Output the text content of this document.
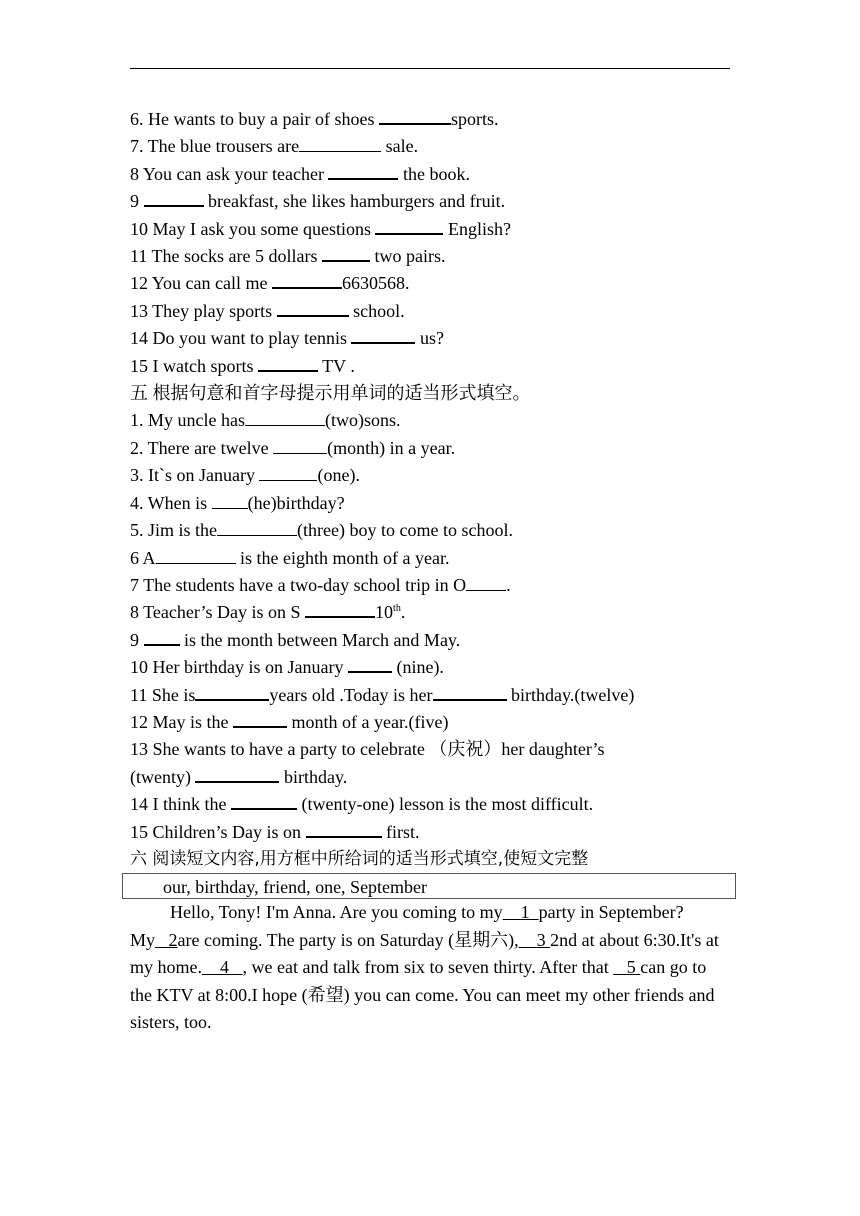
6. He wants to buy a pair of shoes	sports.
7. The blue trousers are	sale.
8 You can ask your teacher	the book.
9	breakfast, she likes hamburgers and fruit.
10 May I ask you some questions	English?
11 The socks are 5 dollars	two pairs.
12 You can call me	6630568.
13 They play sports	school.
14 Do you want to play tennis	us?
15 I watch sports	TV .
五 根据句意和首字母提示用单词的适当形式填空。
1. My uncle has	(two)sons.
2. There are twelve	(month) in a year.
3. It`s on January	(one).
4. When is (he)birthday?
5. Jim is the	(three) boy to come to school.
6 A	is the eighth month of a year.
7 The students have a two-day school trip in O .
8 Teacher’s Day is on S	10th.
9  is the month between March and May.
10 Her birthday is on January  (nine).
11 She is	years old .Today is her	birthday.(twelve)
12 May is the	month of a year.(five)
13 She wants to have a party to celebrate （庆祝）her daughter’s
(twenty)	birthday.
14 I think the	(twenty-one) lesson is the most difficult.
15 Children’s Day is on	first.
六 阅读短文内容,用方框中所给词的适当形式填空,使短文完整
our, birthday, friend, one, September
Hello, Tony! I'm Anna. Are you coming to my 1 party in September? My 2are coming. The party is on Saturday (星期六), 3 2nd at about 6:30.It's at my home. 4 , we eat and talk from six to seven thirty. After that    5 can go to the KTV at 8:00.I hope (希望) you can come. You can meet my other friends and sisters, too.
